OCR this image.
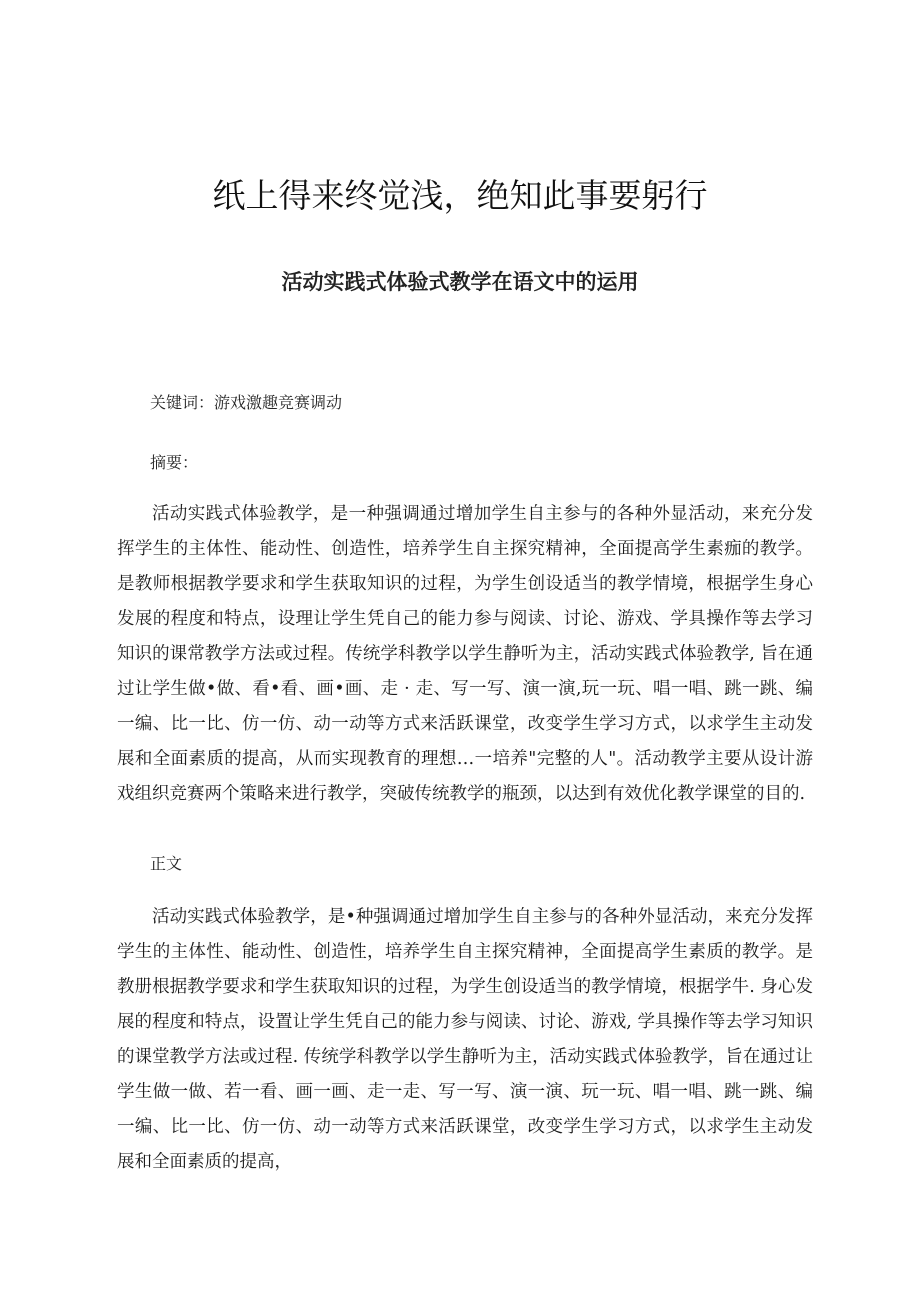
纸上得来终觉浅，绝知此事要躬行
活动实践式体验式教学在语文中的运用
关键词：游戏激趣竞赛调动
摘要：

活动实践式体验教学，是一种强调通过增加学生自主参与的各种外显活动，来充分发挥学生的主体性、能动性、创造性，培养学生自主探究精神，全面提高学生素痂的教学。是教师根据教学要求和学生获取知识的过程，为学生创设适当的教学情境，根据学生身心发展的程度和特点，设理让学生凭自己的能力参与阅读、讨论、游戏、学具操作等去学习知识的课常教学方法或过程。传统学科教学以学生静听为主，活动实践式体验教学, 旨在通过让学生做•做、看•看、画•画、走 · 走、写一写、演一演,玩一玩、唱一唱、跳一跳、编一编、比一比、仿一仿、动一动等方式来活跃课堂，改变学生学习方式，以求学生主动发展和全面素质的提高，从而实现教育的理想…一培养"完整的人"。活动教学主要从设计游戏组织竞赛两个策略来进行教学，突破传统教学的瓶颈，以达到有效优化教学课堂的目的.

正文

活动实践式体验教学，是•种强调通过增加学生自主参与的各种外显活动，来充分发挥学生的主体性、能动性、创造性，培养学生自主探究精神，全面提高学生素质的教学。是教册根据教学要求和学生获取知识的过程，为学生创设适当的教学情境，根据学牛. 身心发展的程度和特点，设置让学生凭自己的能力参与阅读、讨论、游戏, 学具操作等去学习知识的课堂教学方法或过程. 传统学科教学以学生静听为主，活动实践式体验教学，旨在通过让学生做一做、若一看、画一画、走一走、写一写、演一演、玩一玩、唱一唱、跳一跳、编一编、比一比、仿一仿、动一动等方式来活跃课堂，改变学生学习方式，以求学生主动发展和全面素质的提高，
